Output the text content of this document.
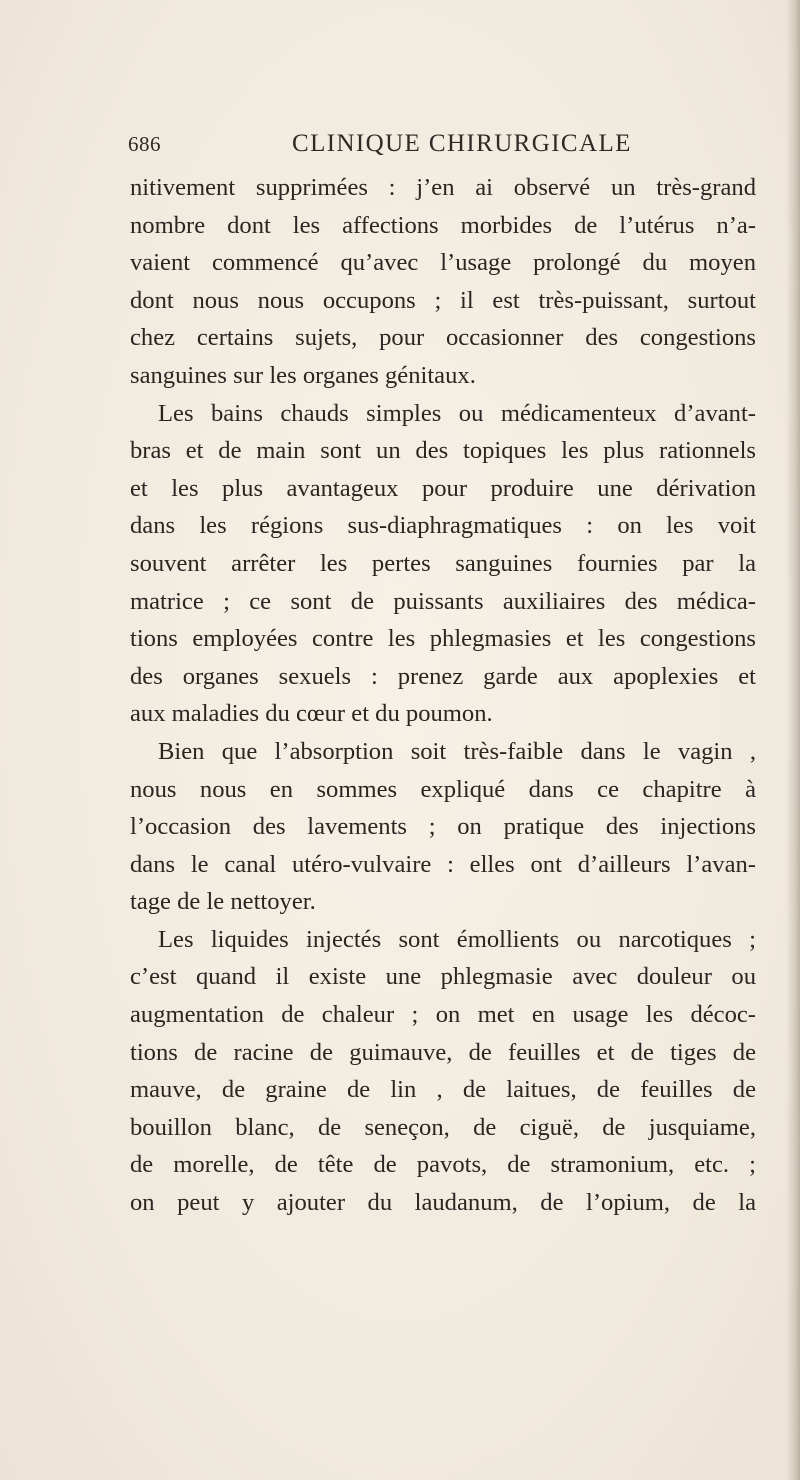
686	CLINIQUE CHIRURGICALE
nitivement supprimées : j’en ai observé un très-grand
nombre dont les affections morbides de l’utérus n’a-
vaient commencé qu’avec l’usage prolongé du moyen
dont nous nous occupons ; il est très-puissant, surtout
chez certains sujets, pour occasionner des congestions
sanguines sur les organes génitaux.
Les bains chauds simples ou médicamenteux d’avant-
bras et de main sont un des topiques les plus rationnels
et les plus avantageux pour produire une dérivation
dans les régions sus-diaphragmatiques : on les voit
souvent arrêter les pertes sanguines fournies par la
matrice ; ce sont de puissants auxiliaires des médica-
tions employées contre les phlegmasies et les congestions
des organes sexuels : prenez garde aux apoplexies et
aux maladies du cœur et du poumon.
Bien que l’absorption soit très-faible dans le vagin ,
nous nous en sommes expliqué dans ce chapitre à
l’occasion des lavements ; on pratique des injections
dans le canal utéro-vulvaire : elles ont d’ailleurs l’avan-
tage de le nettoyer.
Les liquides injectés sont émollients ou narcotiques ;
c’est quand il existe une phlegmasie avec douleur ou
augmentation de chaleur ; on met en usage les décoc-
tions de racine de guimauve, de feuilles et de tiges de
mauve, de graine de lin , de laitues, de feuilles de
bouillon blanc, de seneçon, de ciguë, de jusquiame,
de morelle, de tête de pavots, de stramonium, etc. ;
on peut y ajouter du laudanum, de l’opium, de la
